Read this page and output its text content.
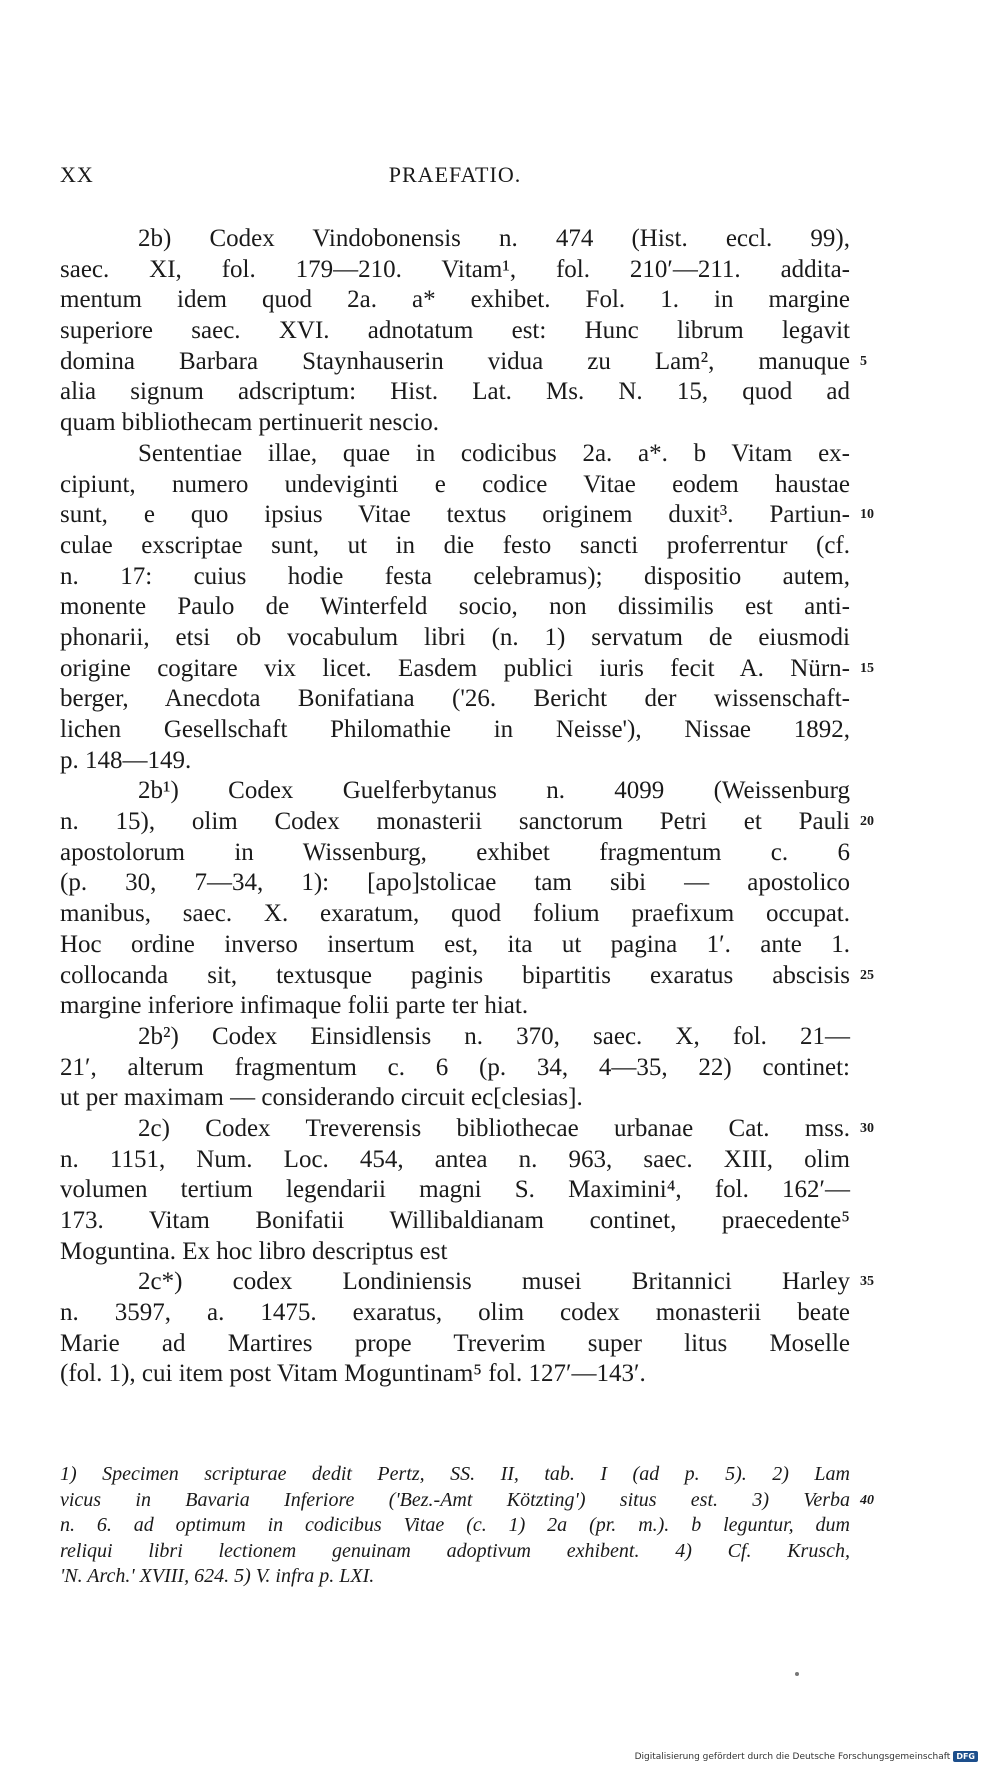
PRAEFATIO.
XX
2b) Codex Vindobonensis n. 474 (Hist. eccl. 99),
saec. XI, fol. 179—210. Vitam¹, fol. 210′—211. addita-
mentum idem quod 2a. a* exhibet. Fol. 1. in margine
superiore saec. XVI. adnotatum est: Hunc librum legavit
domina Barbara Staynhauserin vidua zu Lam², manuque 5
alia signum adscriptum: Hist. Lat. Ms. N. 15, quod ad
quam bibliothecam pertinuerit nescio.
Sententiae illae, quae in codicibus 2a. a*. b Vitam ex-
cipiunt, numero undeviginti e codice Vitae eodem haustae
sunt, e quo ipsius Vitae textus originem duxit³. Partiun- 10
culae exscriptae sunt, ut in die festo sancti proferrentur (cf.
n. 17: cuius hodie festa celebramus); dispositio autem,
monente Paulo de Winterfeld socio, non dissimilis est anti-
phonarii, etsi ob vocabulum libri (n. 1) servatum de eiusmodi
origine cogitare vix licet. Easdem publici iuris fecit A. Nürn- 15
berger, Anecdota Bonifatiana ('26. Bericht der wissenschaft-
lichen Gesellschaft Philomathie in Neisse'), Nissae 1892,
p. 148—149.
2b¹) Codex Guelferbytanus n. 4099 (Weissenburg
n. 15), olim Codex monasterii sanctorum Petri et Pauli 20
apostolorum in Wissenburg, exhibet fragmentum c. 6
(p. 30, 7—34, 1): [apo]stolicae tam sibi — apostolico
manibus, saec. X. exaratum, quod folium praefixum occupat.
Hoc ordine inverso insertum est, ita ut pagina 1′. ante 1.
collocanda sit, textusque paginis bipartitis exaratus abscisis 25
margine inferiore infimaque folii parte ter hiat.
2b²) Codex Einsidlensis n. 370, saec. X, fol. 21—
21′, alterum fragmentum c. 6 (p. 34, 4—35, 22) continet:
ut per maximam — considerando circuit ec[clesias].
2c) Codex Treverensis bibliothecae urbanae Cat. mss. 30
n. 1151, Num. Loc. 454, antea n. 963, saec. XIII, olim
volumen tertium legendarii magni S. Maximini⁴, fol. 162′—
173. Vitam Bonifatii Willibaldianam continet, praecedente⁵
Moguntina. Ex hoc libro descriptus est
2c*) codex Londiniensis musei Britannici Harley 35
n. 3597, a. 1475. exaratus, olim codex monasterii beate
Marie ad Martires prope Treverim super litus Moselle
(fol. 1), cui item post Vitam Moguntinam⁵ fol. 127′—143′.
1) Specimen scripturae dedit Pertz, SS. II, tab. I (ad p. 5). 2) Lam
vicus in Bavaria Inferiore ('Bez.-Amt Kötzting') situs est. 3) Verba 40
n. 6. ad optimum in codicibus Vitae (c. 1) 2a (pr. m.). b leguntur, dum
reliqui libri lectionem genuinam adoptivum exhibent. 4) Cf. Krusch,
'N. Arch.' XVIII, 624. 5) V. infra p. LXI.
Digitalisierung gefördert durch die Deutsche Forschungsgemeinschaft DFG
